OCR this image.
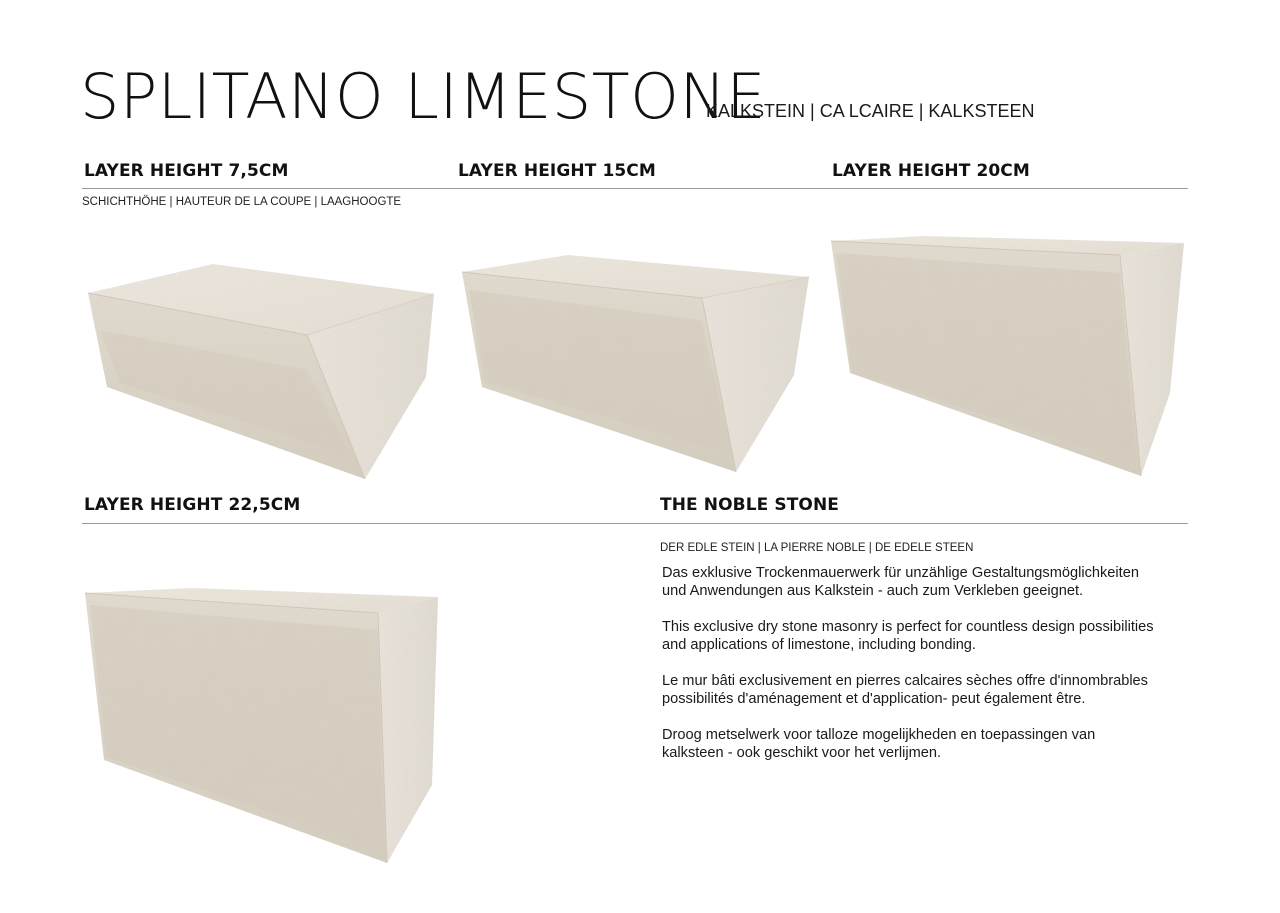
SPLITANO LIMESTONE
KALKSTEIN | CA LCAIRE | KALKSTEEN
LAYER HEIGHT 7,5CM	LAYER HEIGHT 15CM	LAYER HEIGHT 20CM
SCHICHTHÖHE | HAUTEUR DE LA COUPE | LAAGHOOGTE
LAYER HEIGHT 22,5CM	THE NOBLE STONE
DER EDLE STEIN | LA PIERRE NOBLE | DE EDELE STEEN

Das exklusive Trockenmauerwerk für unzählige Gestaltungsmöglichkeiten
und Anwendungen aus Kalkstein - auch zum Verkleben geeignet.

This exclusive dry stone masonry is perfect for countless design possibilities
and applications of limestone, including bonding.

Le mur bâti exclusivement en pierres calcaires sèches offre d'innombrables
possibilités d'aménagement et d'application- peut également être.

Droog metselwerk voor talloze mogelijkheden en toepassingen van
kalksteen - ook geschikt voor het verlijmen.
